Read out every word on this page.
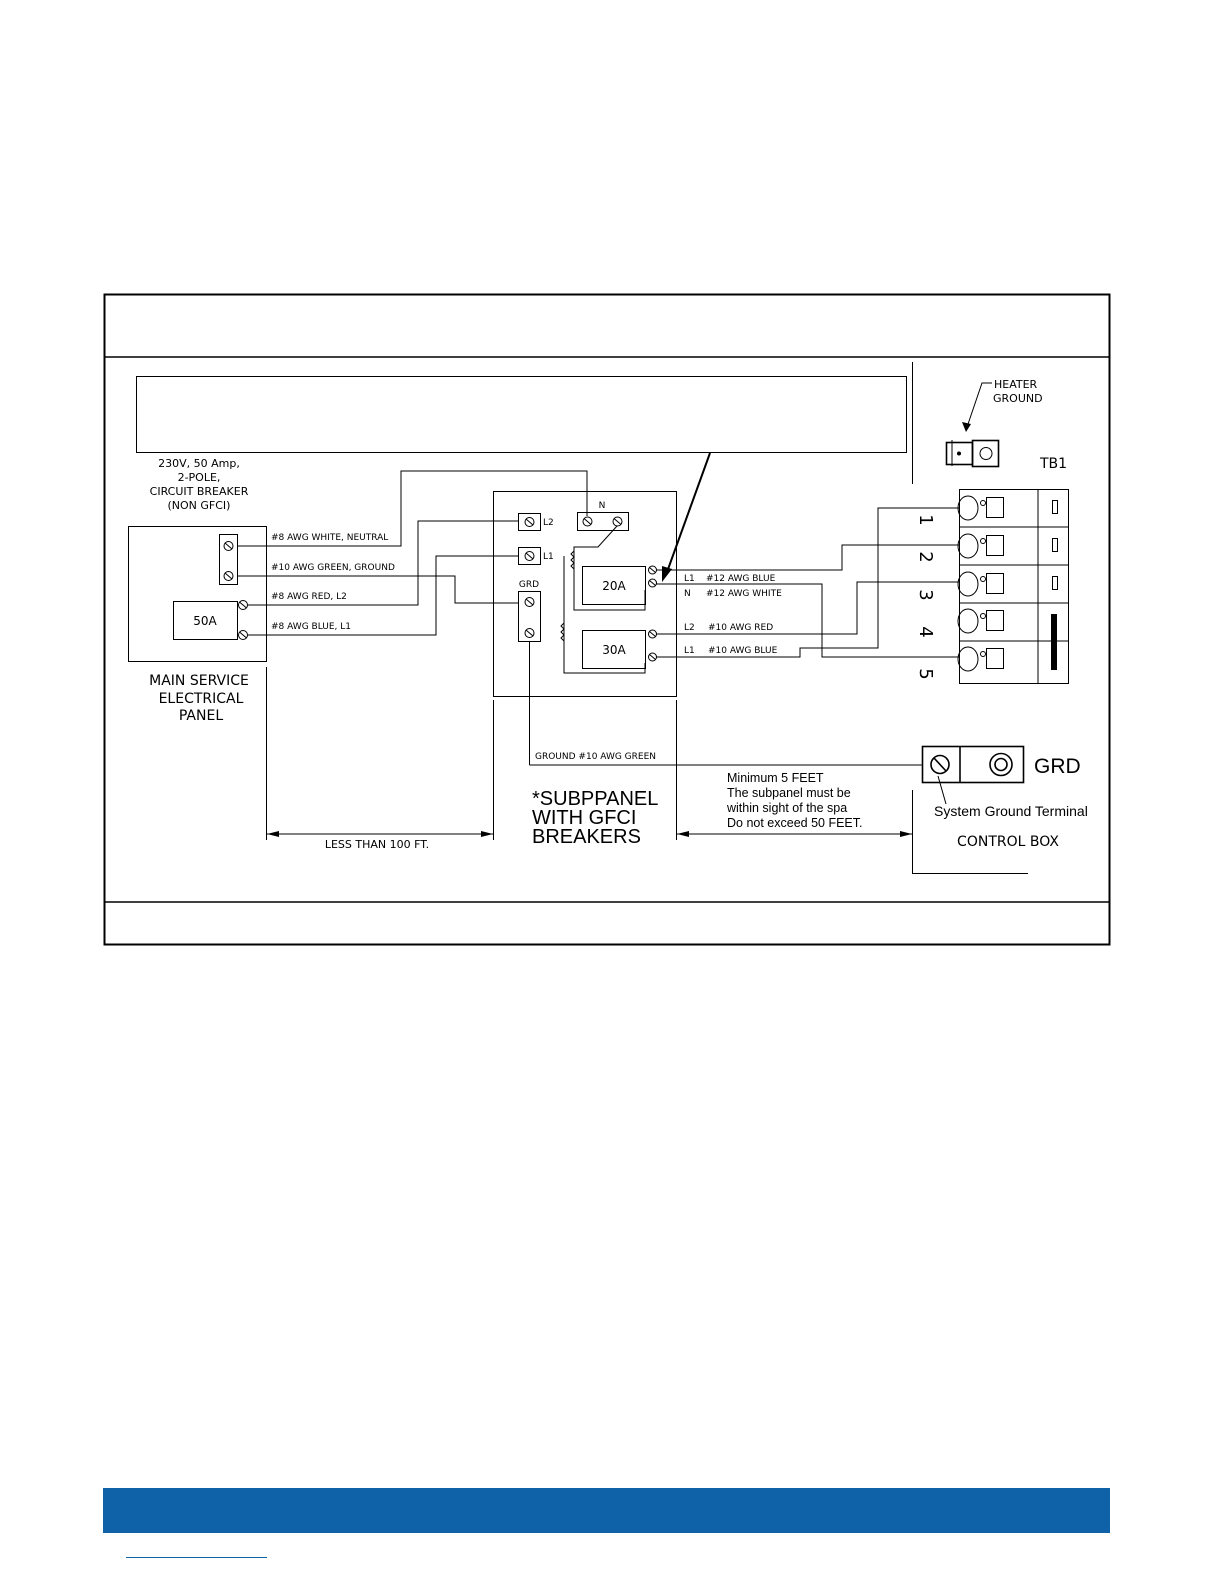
230V, 50 Amp,
2-POLE,
CIRCUIT BREAKER
(NON GFCI)
50A
MAIN SERVICE
ELECTRICAL
PANEL
#8 AWG WHITE, NEUTRAL
#10 AWG GREEN, GROUND
#8 AWG RED, L2
#8 AWG BLUE, L1
L2
L1
N
GRD	20A
30A
L1 #12 AWG BLUE
N #12 AWG WHITE
L2 #10 AWG RED
L1 #10 AWG BLUE
GROUND #10 AWG GREEN
HEATER
GROUND
TB1
1
2
3
4
5
GRD
System Ground Terminal
CONTROL BOX
*SUBPPANEL
WITH GFCI
BREAKERS
LESS THAN 100 FT.
Minimum 5 FEET
The subpanel must be
within sight of the spa
Do not exceed 50 FEET.
